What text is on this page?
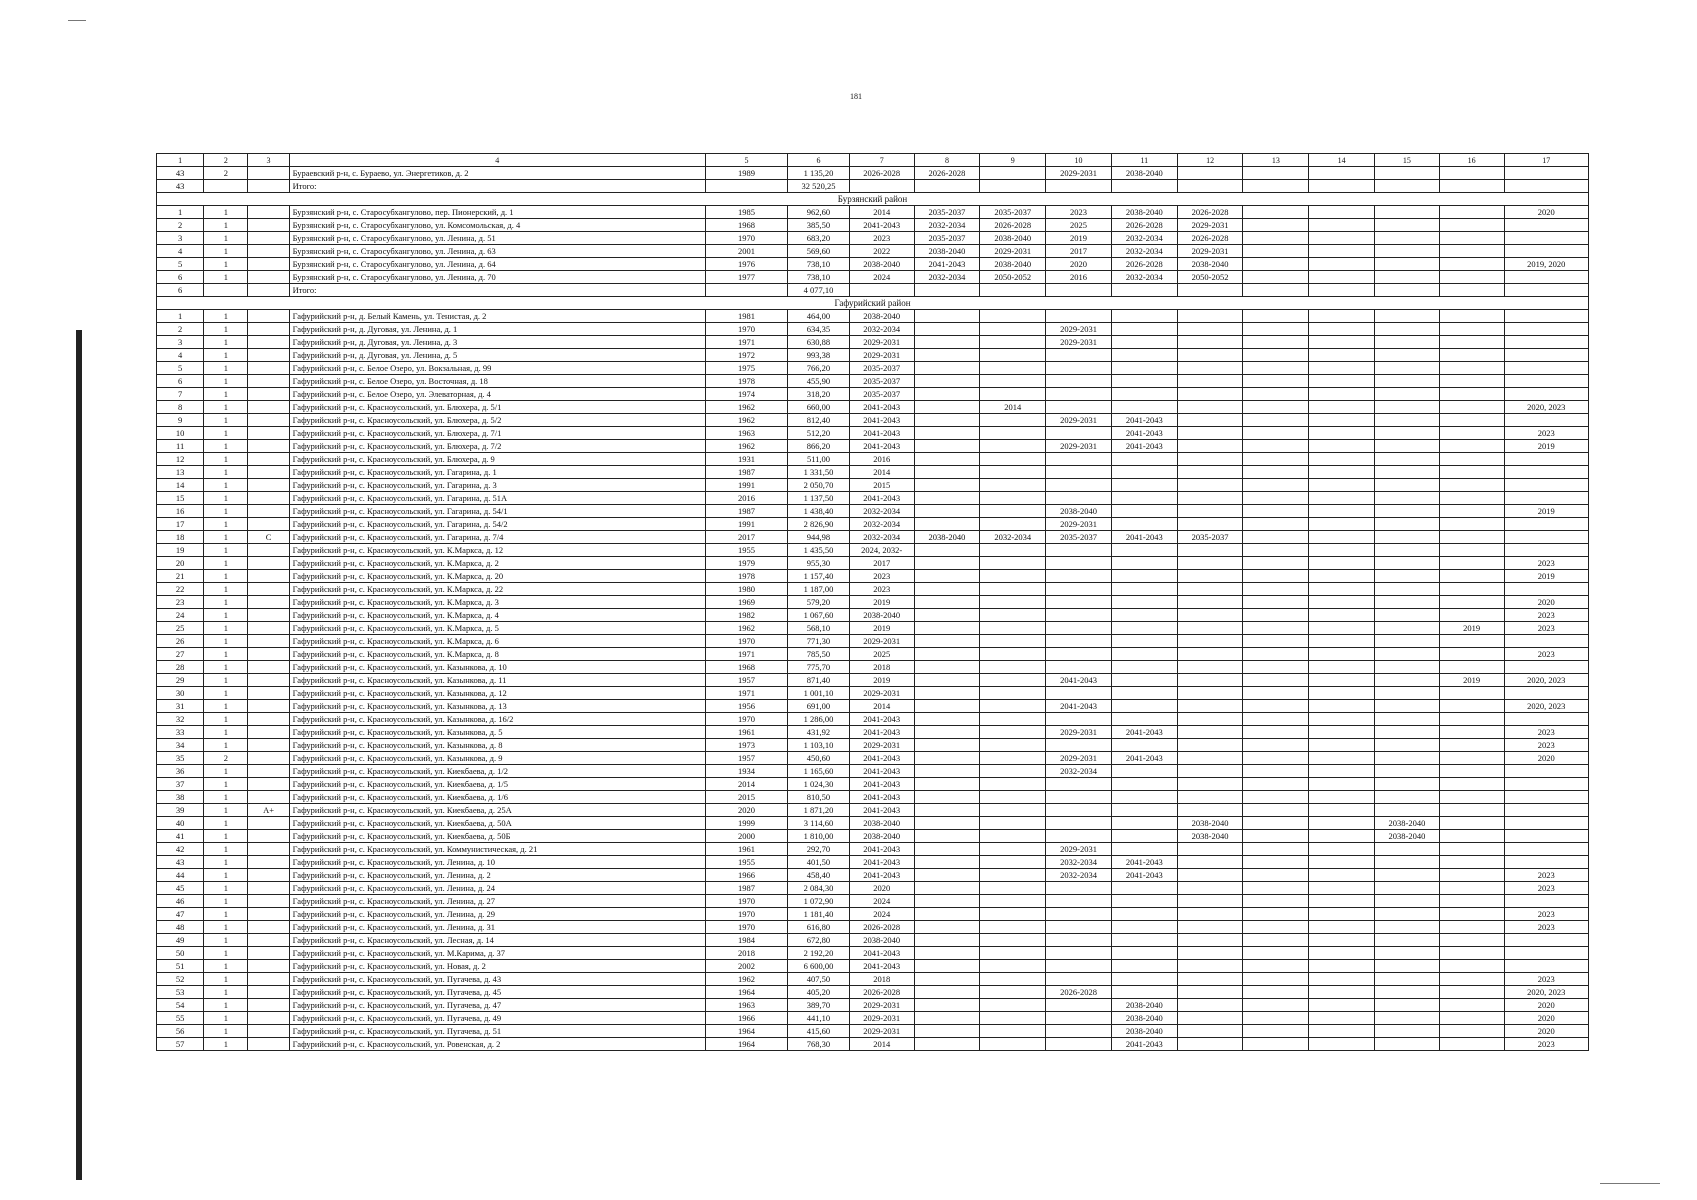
181
1	2	3	4	5	6	7	8	9	10	11	12	13	14	15	16	17
43	2		Бураевский р-н, с. Бураево, ул. Энергетиков, д. 2	1989	1 135,20	2026-2028	2026-2028		2029-2031	2038-2040						
43			Итого:		32 520,25											
Бурзянский район																
1	1		Бурзянский р-н, с. Старосубхангулово, пер. Пионерский, д. 1	1985	962,60	2014	2035-2037	2035-2037	2023	2038-2040	2026-2028					2020
2	1		Бурзянский р-н, с. Старосубхангулово, ул. Комсомольская, д. 4	1968	385,50	2041-2043	2032-2034	2026-2028	2025	2026-2028	2029-2031					
3	1		Бурзянский р-н, с. Старосубхангулово, ул. Ленина, д. 51	1970	683,20	2023	2035-2037	2038-2040	2019	2032-2034	2026-2028					
4	1		Бурзянский р-н, с. Старосубхангулово, ул. Ленина, д. 63	2001	569,60	2022	2038-2040	2029-2031	2017	2032-2034	2029-2031					
5	1		Бурзянский р-н, с. Старосубхангулово, ул. Ленина, д. 64	1976	738,10	2038-2040	2041-2043	2038-2040	2020	2026-2028	2038-2040					2019, 2020
6	1		Бурзянский р-н, с. Старосубхангулово, ул. Ленина, д. 70	1977	738,10	2024	2032-2034	2050-2052	2016	2032-2034	2050-2052					
6			Итого:		4 077,10											
Гафурийский район																
1	1		Гафурийский р-н, д. Белый Камень, ул. Тенистая, д. 2	1981	464,00	2038-2040										
2	1		Гафурийский р-н, д. Дуговая, ул. Ленина, д. 1	1970	634,35	2032-2034			2029-2031							
3	1		Гафурийский р-н, д. Дуговая, ул. Ленина, д. 3	1971	630,88	2029-2031			2029-2031							
4	1		Гафурийский р-н, д. Дуговая, ул. Ленина, д. 5	1972	993,38	2029-2031										
5	1		Гафурийский р-н, с. Белое Озеро, ул. Вокзальная, д. 99	1975	766,20	2035-2037										
6	1		Гафурийский р-н, с. Белое Озеро, ул. Восточная, д. 18	1978	455,90	2035-2037										
7	1		Гафурийский р-н, с. Белое Озеро, ул. Элеваторная, д. 4	1974	318,20	2035-2037										
8	1		Гафурийский р-н, с. Красноусольский, ул. Блюхера, д. 5/1	1962	660,00	2041-2043		2014								2020, 2023
9	1		Гафурийский р-н, с. Красноусольский, ул. Блюхера, д. 5/2	1962	812,40	2041-2043			2029-2031	2041-2043						
10	1		Гафурийский р-н, с. Красноусольский, ул. Блюхера, д. 7/1	1963	512,20	2041-2043				2041-2043						2023
11	1		Гафурийский р-н, с. Красноусольский, ул. Блюхера, д. 7/2	1962	866,20	2041-2043			2029-2031	2041-2043						2019
12	1		Гафурийский р-н, с. Красноусольский, ул. Блюхера, д. 9	1931	511,00	2016										
13	1		Гафурийский р-н, с. Красноусольский, ул. Гагарина, д. 1	1987	1 331,50	2014										
14	1		Гафурийский р-н, с. Красноусольский, ул. Гагарина, д. 3	1991	2 050,70	2015										
15	1		Гафурийский р-н, с. Красноусольский, ул. Гагарина, д. 51А	2016	1 137,50	2041-2043										
16	1		Гафурийский р-н, с. Красноусольский, ул. Гагарина, д. 54/1	1987	1 438,40	2032-2034			2038-2040							2019
17	1		Гафурийский р-н, с. Красноусольский, ул. Гагарина, д. 54/2	1991	2 826,90	2032-2034			2029-2031							
18	1	С	Гафурийский р-н, с. Красноусольский, ул. Гагарина, д. 7/4	2017	944,98	2032-2034	2038-2040	2032-2034	2035-2037	2041-2043	2035-2037					
19	1		Гафурийский р-н, с. Красноусольский, ул. К.Маркса, д. 12	1955	1 435,50	2024, 2032-										
20	1		Гафурийский р-н, с. Красноусольский, ул. К.Маркса, д. 2	1979	955,30	2017										2023
21	1		Гафурийский р-н, с. Красноусольский, ул. К.Маркса, д. 20	1978	1 157,40	2023										2019
22	1		Гафурийский р-н, с. Красноусольский, ул. К.Маркса, д. 22	1980	1 187,00	2023										
23	1		Гафурийский р-н, с. Красноусольский, ул. К.Маркса, д. 3	1969	579,20	2019										2020
24	1		Гафурийский р-н, с. Красноусольский, ул. К.Маркса, д. 4	1982	1 067,60	2038-2040										2023
25	1		Гафурийский р-н, с. Красноусольский, ул. К.Маркса, д. 5	1962	568,10	2019									2019	2023
26	1		Гафурийский р-н, с. Красноусольский, ул. К.Маркса, д. 6	1970	771,30	2029-2031										
27	1		Гафурийский р-н, с. Красноусольский, ул. К.Маркса, д. 8	1971	785,50	2025										2023
28	1		Гафурийский р-н, с. Красноусольский, ул. Казынкова, д. 10	1968	775,70	2018										
29	1		Гафурийский р-н, с. Красноусольский, ул. Казынкова, д. 11	1957	871,40	2019			2041-2043						2019	2020, 2023
30	1		Гафурийский р-н, с. Красноусольский, ул. Казынкова, д. 12	1971	1 001,10	2029-2031										
31	1		Гафурийский р-н, с. Красноусольский, ул. Казынкова, д. 13	1956	691,00	2014			2041-2043							2020, 2023
32	1		Гафурийский р-н, с. Красноусольский, ул. Казынкова, д. 16/2	1970	1 286,00	2041-2043										
33	1		Гафурийский р-н, с. Красноусольский, ул. Казынкова, д. 5	1961	431,92	2041-2043			2029-2031	2041-2043						2023
34	1		Гафурийский р-н, с. Красноусольский, ул. Казынкова, д. 8	1973	1 103,10	2029-2031										2023
35	2		Гафурийский р-н, с. Красноусольский, ул. Казынкова, д. 9	1957	450,60	2041-2043			2029-2031	2041-2043						2020
36	1		Гафурийский р-н, с. Красноусольский, ул. Киекбаева, д. 1/2	1934	1 165,60	2041-2043			2032-2034							
37	1		Гафурийский р-н, с. Красноусольский, ул. Киекбаева, д. 1/5	2014	1 024,30	2041-2043										
38	1		Гафурийский р-н, с. Красноусольский, ул. Киекбаева, д. 1/6	2015	810,50	2041-2043										
39	1	А+	Гафурийский р-н, с. Красноусольский, ул. Киекбаева, д. 25А	2020	1 871,20	2041-2043										
40	1		Гафурийский р-н, с. Красноусольский, ул. Киекбаева, д. 50А	1999	3 114,60	2038-2040					2038-2040			2038-2040		
41	1		Гафурийский р-н, с. Красноусольский, ул. Киекбаева, д. 50Б	2000	1 810,00	2038-2040					2038-2040			2038-2040		
42	1		Гафурийский р-н, с. Красноусольский, ул. Коммунистическая, д. 21	1961	292,70	2041-2043			2029-2031							
43	1		Гафурийский р-н, с. Красноусольский, ул. Ленина, д. 10	1955	401,50	2041-2043			2032-2034	2041-2043						
44	1		Гафурийский р-н, с. Красноусольский, ул. Ленина, д. 2	1966	458,40	2041-2043			2032-2034	2041-2043						2023
45	1		Гафурийский р-н, с. Красноусольский, ул. Ленина, д. 24	1987	2 084,30	2020										2023
46	1		Гафурийский р-н, с. Красноусольский, ул. Ленина, д. 27	1970	1 072,90	2024										
47	1		Гафурийский р-н, с. Красноусольский, ул. Ленина, д. 29	1970	1 181,40	2024										2023
48	1		Гафурийский р-н, с. Красноусольский, ул. Ленина, д. 31	1970	616,80	2026-2028										2023
49	1		Гафурийский р-н, с. Красноусольский, ул. Лесная, д. 14	1984	672,80	2038-2040										
50	1		Гафурийский р-н, с. Красноусольский, ул. М.Карима, д. 37	2018	2 192,20	2041-2043										
51	1		Гафурийский р-н, с. Красноусольский, ул. Новая, д. 2	2002	6 600,00	2041-2043										
52	1		Гафурийский р-н, с. Красноусольский, ул. Пугачева, д. 43	1962	407,50	2018										2023
53	1		Гафурийский р-н, с. Красноусольский, ул. Пугачева, д. 45	1964	405,20	2026-2028			2026-2028							2020, 2023
54	1		Гафурийский р-н, с. Красноусольский, ул. Пугачева, д. 47	1963	389,70	2029-2031				2038-2040						2020
55	1		Гафурийский р-н, с. Красноусольский, ул. Пугачева, д. 49	1966	441,10	2029-2031				2038-2040						2020
56	1		Гафурийский р-н, с. Красноусольский, ул. Пугачева, д. 51	1964	415,60	2029-2031				2038-2040						2020
57	1		Гафурийский р-н, с. Красноусольский, ул. Ровенская, д. 2	1964	768,30	2014				2041-2043						2023
